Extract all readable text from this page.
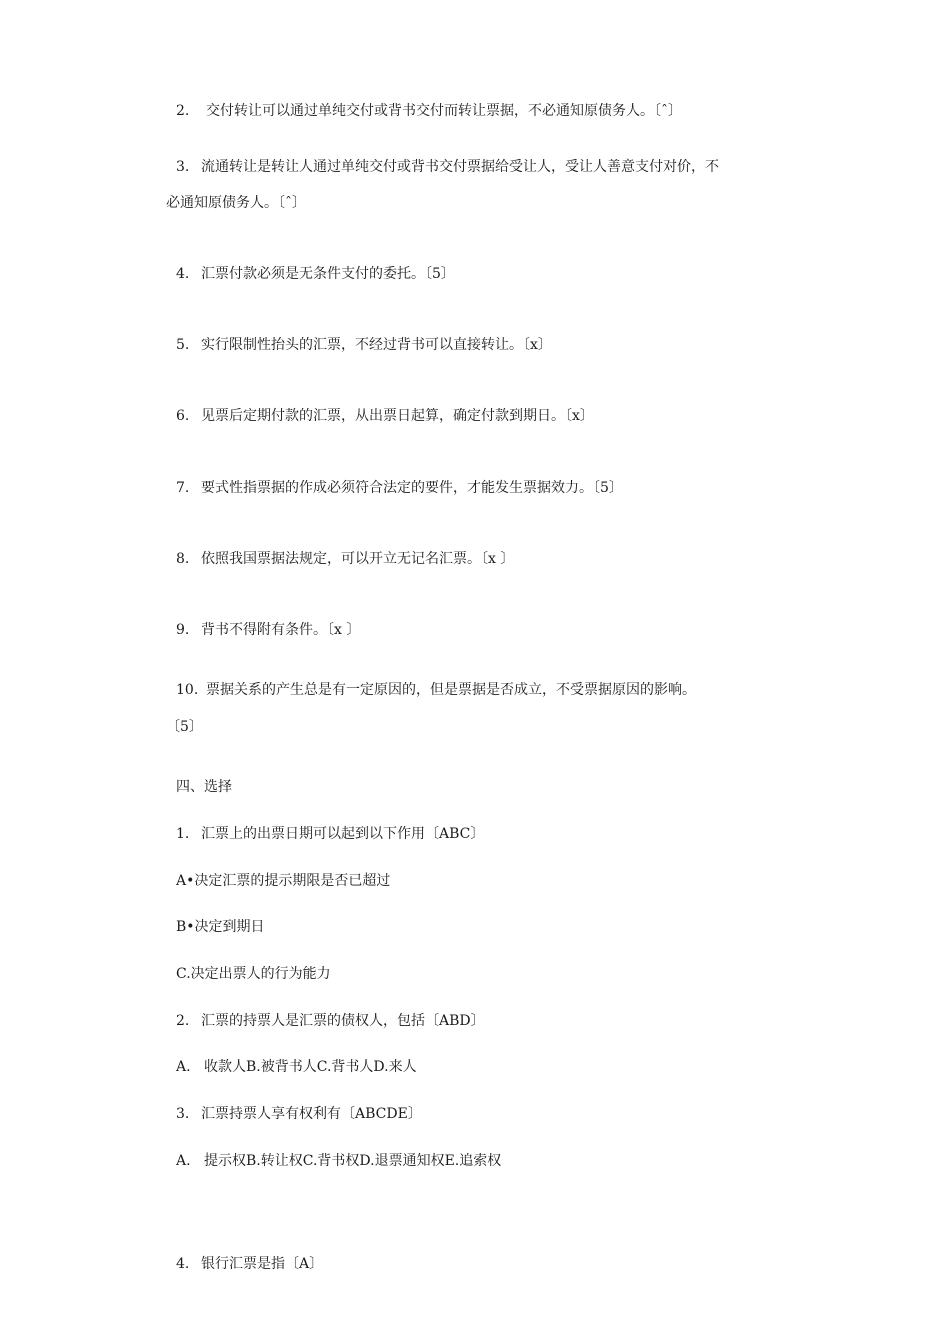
2. 交付转让可以通过单纯交付或背书交付而转让票据，不必通知原债务人。〔ˆ〕
3. 流通转让是转让人通过单纯交付或背书交付票据给受让人，受让人善意支付对价，不
必通知原债务人。〔ˆ〕
4. 汇票付款必须是无条件支付的委托。〔5〕
5. 实行限制性抬头的汇票，不经过背书可以直接转让。〔x〕
6. 见票后定期付款的汇票，从出票日起算，确定付款到期日。〔x〕
7. 要式性指票据的作成必须符合法定的要件，才能发生票据效力。〔5〕
8. 依照我国票据法规定，可以开立无记名汇票。〔x 〕
9. 背书不得附有条件。〔x 〕
10. 票据关系的产生总是有一定原因的，但是票据是否成立，不受票据原因的影响。
〔5〕
四、选择
1. 汇票上的出票日期可以起到以下作用〔ABC〕
A•决定汇票的提示期限是否已超过
B•决定到期日
C.决定出票人的行为能力
2. 汇票的持票人是汇票的债权人，包括〔ABD〕
A. 收款人B.被背书人C.背书人D.来人
3. 汇票持票人享有权利有〔ABCDE〕
A. 提示权B.转让权C.背书权D.退票通知权E.追索权
4. 银行汇票是指〔A〕
